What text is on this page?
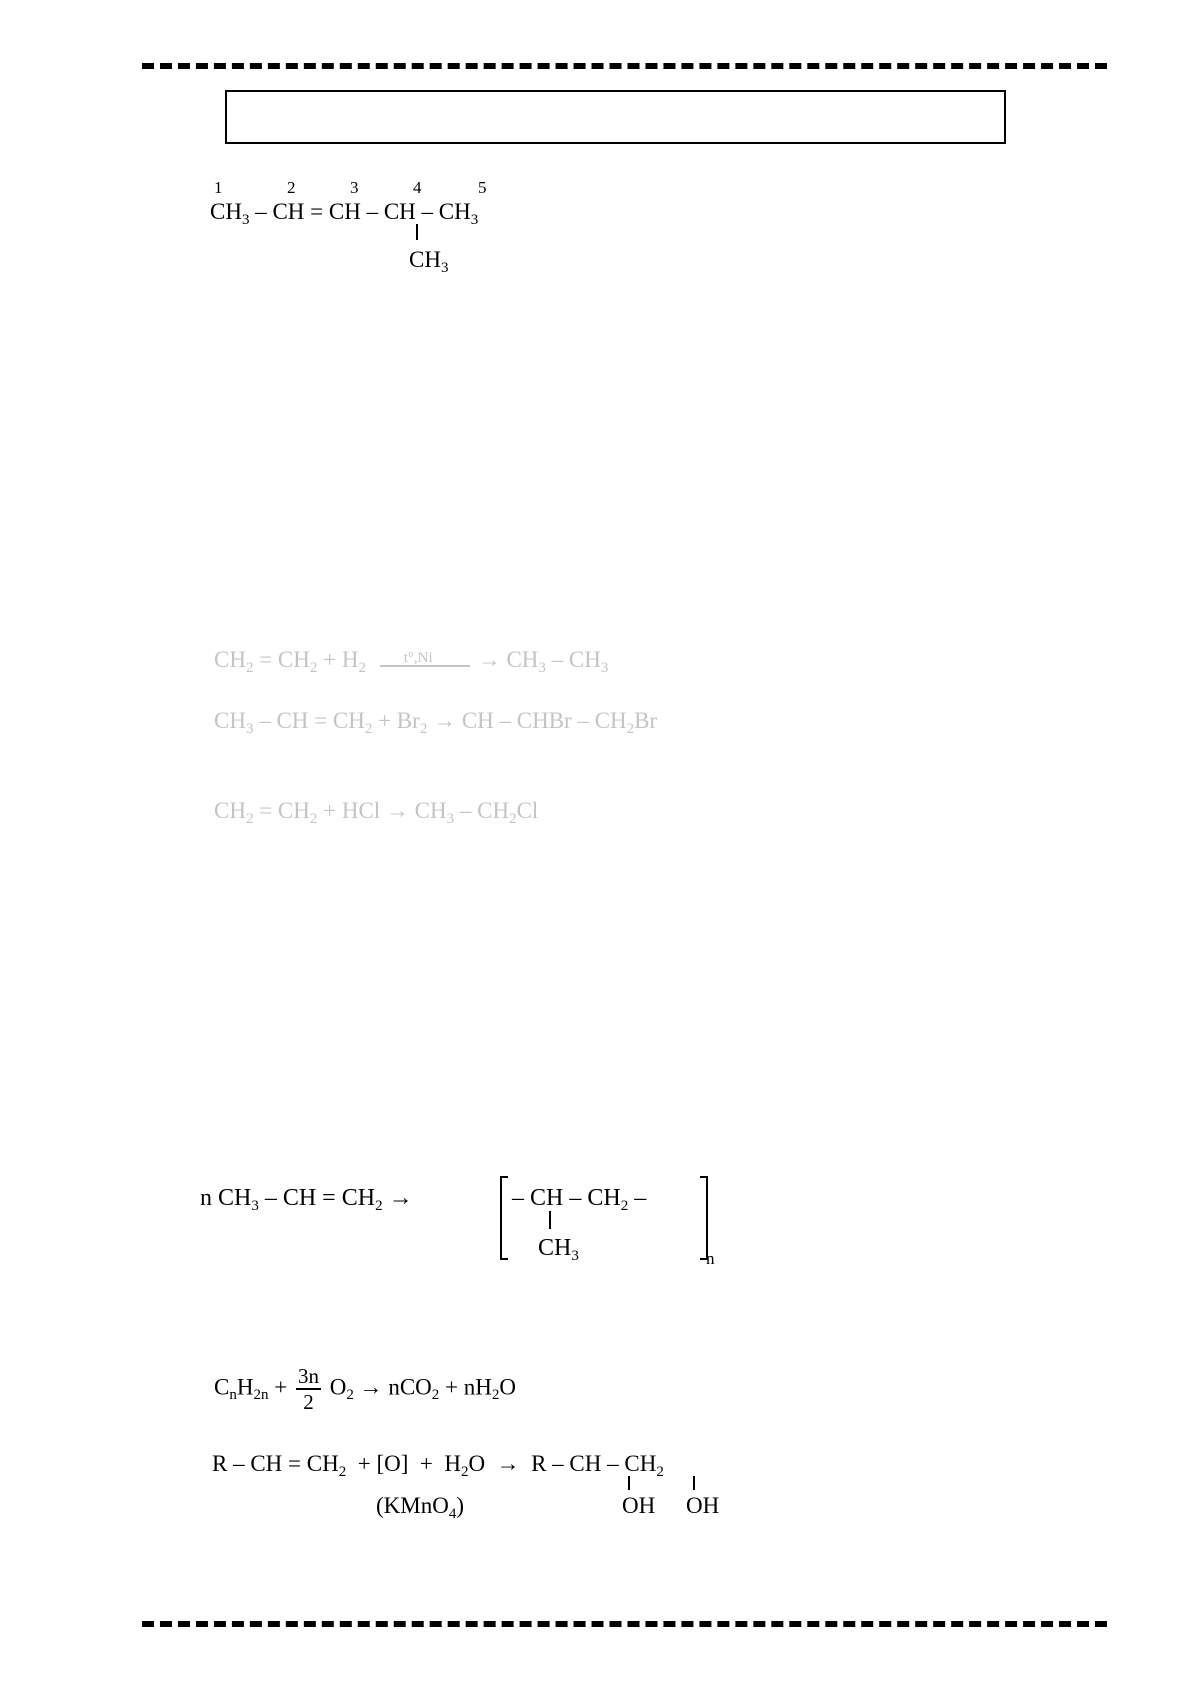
1	2	3	4	5
$CH_3$ – CH = CH – CH – $CH_3$
$CH_3$
$CH_2 = CH_2 + H_2$
$t^\circ,Ni \to CH_3 - CH_3$
$CH_3$ – CH = $CH_2 + Br_2$ → CH – CHBr – $CH_2Br$
$CH_2 = CH_2$ + HCl → $CH_3 - CH_2Cl$
n $CH_3$ – CH = $CH_2$ →	– CH – $CH_2$ –
$CH_3$	n
$C_nH_{2n} + \frac{3n}{2} O_2 \to nCO_2 + nH_2O$
R – CH = $CH_2 + [O] + H_2O \to R$ – CH – $CH_2$
(KMnO$_4$)	OH OH
